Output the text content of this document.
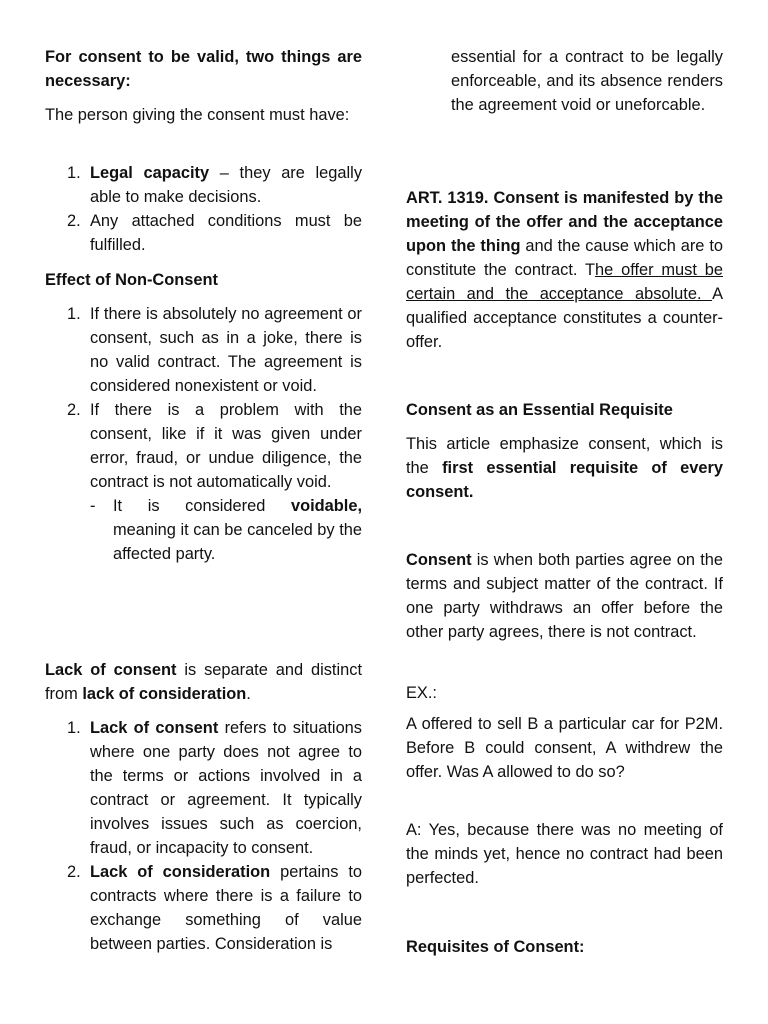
For consent to be valid, two things are necessary:

The person giving the consent must have:

1. Legal capacity – they are legally able to make decisions.
2. Any attached conditions must be fulfilled.

Effect of Non-Consent

1. If there is absolutely no agreement or consent, such as in a joke, there is no valid contract. The agreement is considered nonexistent or void.
2. If there is a problem with the consent, like if it was given under error, fraud, or undue diligence, the contract is not automatically void.
- It is considered voidable, meaning it can be canceled by the affected party.

Lack of consent is separate and distinct from lack of consideration.

1. Lack of consent refers to situations where one party does not agree to the terms or actions involved in a contract or agreement. It typically involves issues such as coercion, fraud, or incapacity to consent.
2. Lack of consideration pertains to contracts where there is a failure to exchange something of value between parties. Consideration is

essential for a contract to be legally enforceable, and its absence renders the agreement void or uneforcable.

ART. 1319. Consent is manifested by the meeting of the offer and the acceptance upon the thing and the cause which are to constitute the contract. The offer must be certain and the acceptance absolute. A qualified acceptance constitutes a counter-offer.

Consent as an Essential Requisite

This article emphasize consent, which is the first essential requisite of every consent.

Consent is when both parties agree on the terms and subject matter of the contract. If one party withdraws an offer before the other party agrees, there is not contract.

EX.:

A offered to sell B a particular car for P2M. Before B could consent, A withdrew the offer. Was A allowed to do so?

A: Yes, because there was no meeting of the minds yet, hence no contract had been perfected.

Requisites of Consent:
